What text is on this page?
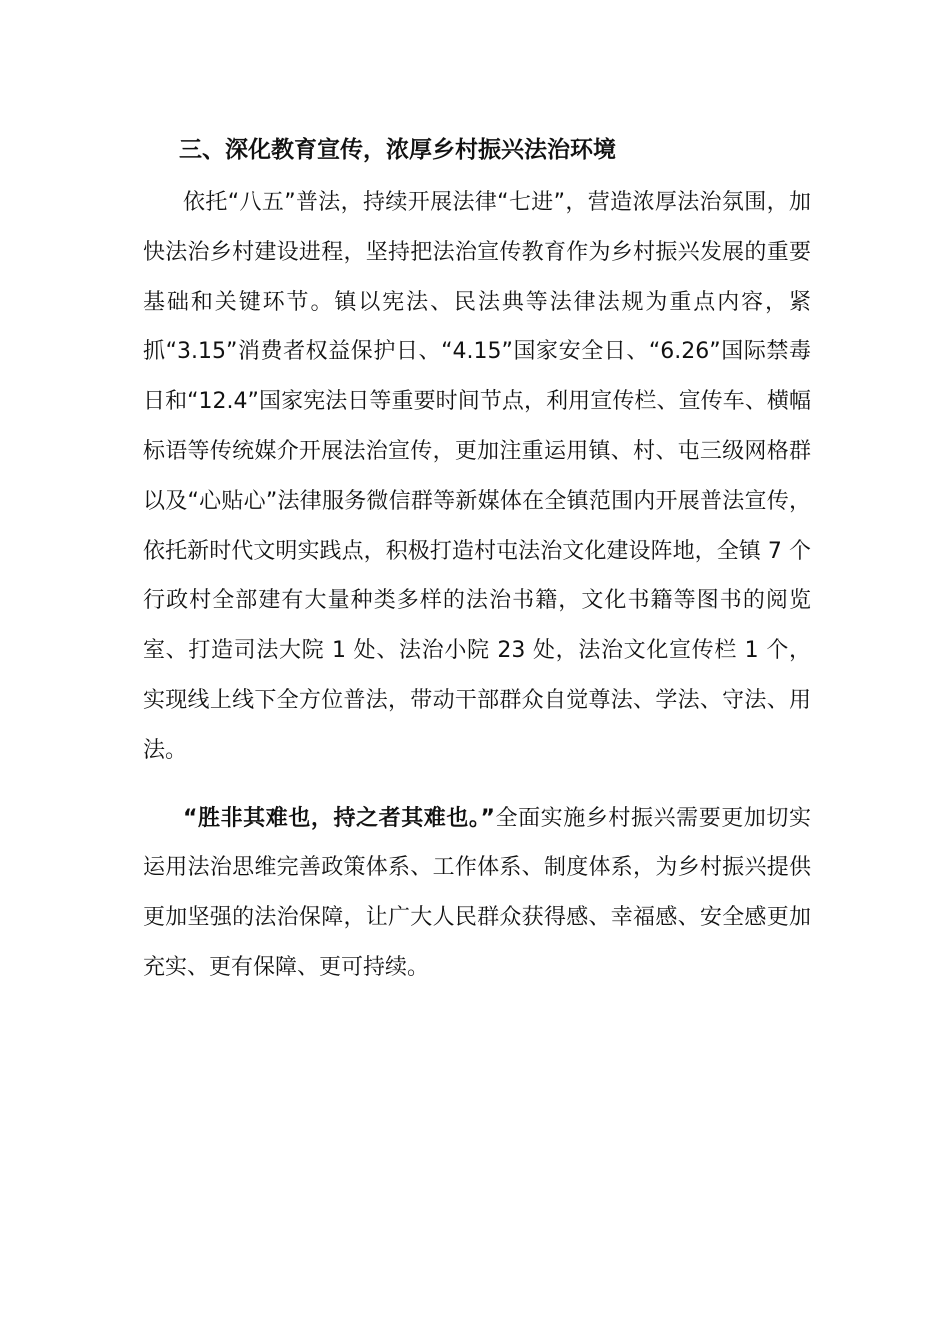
三、深化教育宣传，浓厚乡村振兴法治环境

依托“八五”普法，持续开展法律“七进”，营造浓厚法治氛围，加快法治乡村建设进程，坚持把法治宣传教育作为乡村振兴发展的重要基础和关键环节。镇以宪法、民法典等法律法规为重点内容，紧抓“3.15”消费者权益保护日、“4.15”国家安全日、“6.26”国际禁毒日和“12.4”国家宪法日等重要时间节点，利用宣传栏、宣传车、横幅标语等传统媒介开展法治宣传，更加注重运用镇、村、屯三级网格群以及“心贴心”法律服务微信群等新媒体在全镇范围内开展普法宣传，依托新时代文明实践点，积极打造村屯法治文化建设阵地，全镇 7 个行政村全部建有大量种类多样的法治书籍，文化书籍等图书的阅览室、打造司法大院 1 处、法治小院 23 处，法治文化宣传栏 1 个，实现线上线下全方位普法，带动干部群众自觉尊法、学法、守法、用法。

“胜非其难也，持之者其难也。”全面实施乡村振兴需要更加切实运用法治思维完善政策体系、工作体系、制度体系，为乡村振兴提供更加坚强的法治保障，让广大人民群众获得感、幸福感、安全感更加充实、更有保障、更可持续。
